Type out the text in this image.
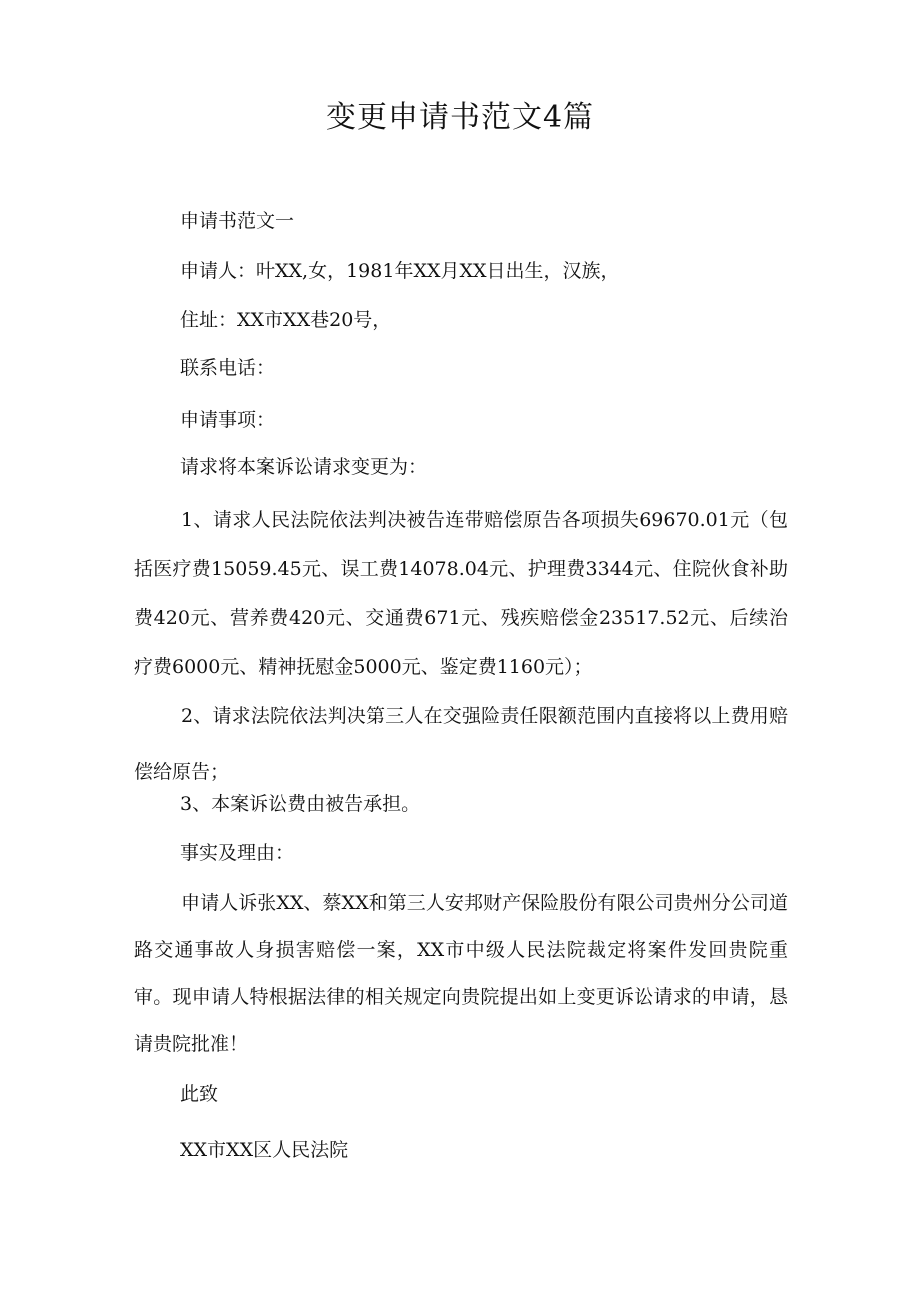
变更申请书范文4篇
申请书范文一
申请人：叶XX,女，1981年XX月XX日出生，汉族，
住址：XX市XX巷20号，
联系电话：
申请事项：
请求将本案诉讼请求变更为：

1、请求人民法院依法判决被告连带赔偿原告各项损失69670.01元（包括医疗费15059.45元、误工费14078.04元、护理费3344元、住院伙食补助费420元、营养费420元、交通费671元、残疾赔偿金23517.52元、后续治疗费6000元、精神抚慰金5000元、鉴定费1160元）；

2、请求法院依法判决第三人在交强险责任限额范围内直接将以上费用赔偿给原告；

3、本案诉讼费由被告承担。
事实及理由：

申请人诉张XX、蔡XX和第三人安邦财产保险股份有限公司贵州分公司道路交通事故人身损害赔偿一案，XX市中级人民法院裁定将案件发回贵院重审。现申请人特根据法律的相关规定向贵院提出如上变更诉讼请求的申请，恳请贵院批准！

此致
XX市XX区人民法院
